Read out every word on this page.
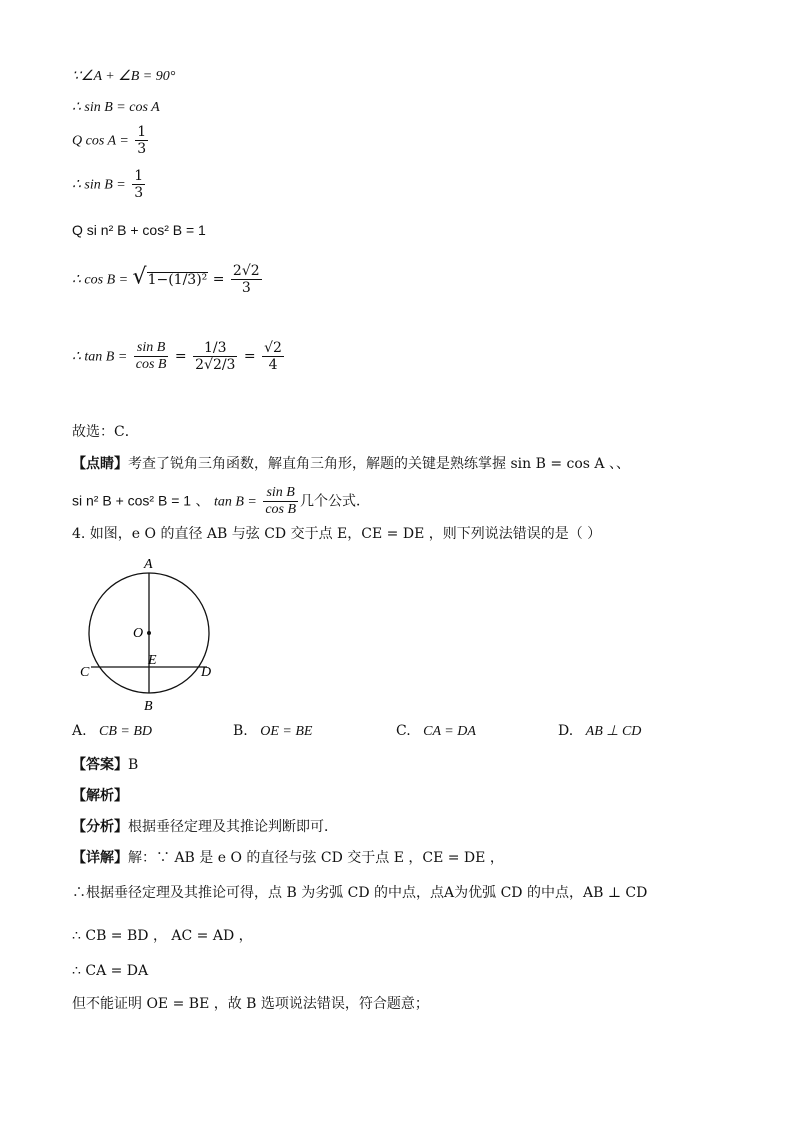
∵∠A + ∠B = 90°
∴ sin B = cos A
Q $\cos A = \frac{1}{3}$
∴ $\sin B = \frac{1}{3}$
Q si n² B + cos² B = 1
∴ $\cos B = √1-(1/3)^2 = \frac{2√2}{3}$
∴ $\tan B = \frac{\text{sin B}}{\text{cos B}} = \frac{1/3}{2√2/3} = \frac{√2}{4}$
故选：C．
【点睛】考查了锐角三角函数，解直角三角形，解题的关键是熟练掌握 sin B = cos A 、、
si n² B + cos² B = 1 、 $\tan B = \frac{\text{sin B}}{\text{cos B}}$ 几个公式．
4. 如图，e O 的直径 AB 与弦 CD 交于点 E，CE = DE ，则下列说法错误的是（ ）
A
B
C	D
E
O
A. CB = BD	B. OE = BE	C. CA = DA	D. AB ⊥ CD
【答案】B
【解析】
【分析】根据垂径定理及其推论判断即可．
【详解】解：∵ AB 是 e O 的直径与弦 CD 交于点 E ，CE = DE ，
∴根据垂径定理及其推论可得，点 B 为劣弧 CD 的中点，点A为优弧 CD 的中点，AB ⊥ CD
∴ CB = BD ， AC = AD ，
∴ CA = DA
但不能证明 OE = BE ，故 B 选项说法错误，符合题意；
